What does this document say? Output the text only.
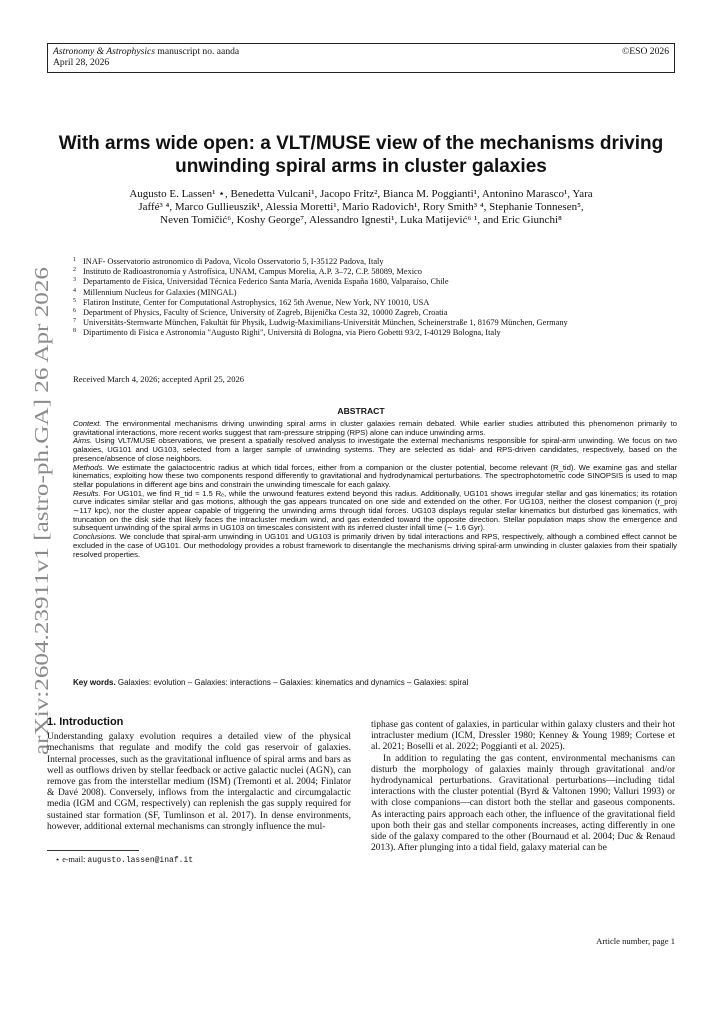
arXiv:2604.23911v1 [astro-ph.GA] 26 Apr 2026
Astronomy & Astrophysics manuscript no. aanda
April 28, 2026
©ESO 2026
With arms wide open: a VLT/MUSE view of the mechanisms driving unwinding spiral arms in cluster galaxies
Augusto E. Lassen¹ ⋆, Benedetta Vulcani¹, Jacopo Fritz², Bianca M. Poggianti¹, Antonino Marasco¹, Yara
Jaffé³ ⁴, Marco Gullieuszik¹, Alessia Moretti¹, Mario Radovich¹, Rory Smith³ ⁴, Stephanie Tonnesen⁵,
Neven Tomičić⁶, Koshy George⁷, Alessandro Ignesti¹, Luka Matijević⁶ ¹, and Eric Giunchi⁸
1 INAF- Osservatorio astronomico di Padova, Vicolo Osservatorio 5, I-35122 Padova, Italy
2 Instituto de Radioastronomía y Astrofísica, UNAM, Campus Morelia, A.P. 3–72, C.P. 58089, Mexico
3 Departamento de Física, Universidad Técnica Federico Santa María, Avenida España 1680, Valparaíso, Chile
4 Millennium Nucleus for Galaxies (MINGAL)
5 Flatiron Institute, Center for Computational Astrophysics, 162 5th Avenue, New York, NY 10010, USA
6 Department of Physics, Faculty of Science, University of Zagreb, Bijenička Cesta 32, 10000 Zagreb, Croatia
7 Universitäts-Sternwarte München, Fakultät für Physik, Ludwig-Maximilians-Universität München, Scheinerstraße 1, 81679 München, Germany
8 Dipartimento di Fisica e Astronomia "Augusto Righi", Università di Bologna, via Piero Gobetti 93/2, I-40129 Bologna, Italy
Received March 4, 2026; accepted April 25, 2026
ABSTRACT

Context. The environmental mechanisms driving unwinding spiral arms in cluster galaxies remain debated. While earlier studies attributed this phenomenon primarily to gravitational interactions, more recent works suggest that ram-pressure stripping (RPS) alone can induce unwinding arms.

Aims. Using VLT/MUSE observations, we present a spatially resolved analysis to investigate the external mechanisms responsible for spiral-arm unwinding. We focus on two galaxies, UG101 and UG103, selected from a larger sample of unwinding systems. They are selected as tidal- and RPS-driven candidates, respectively, based on the presence/absence of close neighbors.

Methods. We estimate the galactocentric radius at which tidal forces, either from a companion or the cluster potential, become relevant (R_tid). We examine gas and stellar kinematics, exploiting how these two components respond differently to gravitational and hydrodynamical perturbations. The spectrophotometric code SINOPSIS is used to map stellar populations in different age bins and constrain the unwinding timescale for each galaxy.

Results. For UG101, we find R_tid ≈ 1.5 Rₑ, while the unwound features extend beyond this radius. Additionally, UG101 shows irregular stellar and gas kinematics; its rotation curve indicates similar stellar and gas motions, although the gas appears truncated on one side and extended on the other. For UG103, neither the closest companion (r_proj ∼117 kpc), nor the cluster appear capable of triggering the unwinding arms through tidal forces. UG103 displays regular stellar kinematics but disturbed gas kinematics, with truncation on the disk side that likely faces the intracluster medium wind, and gas extended toward the opposite direction. Stellar population maps show the emergence and subsequent unwinding of the spiral arms in UG103 on timescales consistent with its inferred cluster infall time (∼ 1.6 Gyr).

Conclusions. We conclude that spiral-arm unwinding in UG101 and UG103 is primarily driven by tidal interactions and RPS, respectively, although a combined effect cannot be excluded in the case of UG101. Our methodology provides a robust framework to disentangle the mechanisms driving spiral-arm unwinding in cluster galaxies from their spatially resolved properties.

Key words. Galaxies: evolution – Galaxies: interactions – Galaxies: kinematics and dynamics – Galaxies: spiral
1. Introduction

Understanding galaxy evolution requires a detailed view of the physical mechanisms that regulate and modify the cold gas reservoir of galaxies. Internal processes, such as the gravitational influence of spiral arms and bars as well as outflows driven by stellar feedback or active galactic nuclei (AGN), can remove gas from the interstellar medium (ISM) (Tremonti et al. 2004; Finlator & Davé 2008). Conversely, inflows from the intergalactic and circumgalactic media (IGM and CGM, respectively) can replenish the gas supply required for sustained star formation (SF, Tumlinson et al. 2017). In dense environments, however, additional external mechanisms can strongly influence the mul-

tiphase gas content of galaxies, in particular within galaxy clusters and their hot intracluster medium (ICM, Dressler 1980; Kenney & Young 1989; Cortese et al. 2021; Boselli et al. 2022; Poggianti et al. 2025).

In addition to regulating the gas content, environmental mechanisms can disturb the morphology of galaxies mainly through gravitational and/or hydrodynamical perturbations. Gravitational perturbations—including tidal interactions with the cluster potential (Byrd & Valtonen 1990; Valluri 1993) or with close companions—can distort both the stellar and gaseous components. As interacting pairs approach each other, the influence of the gravitational field upon both their gas and stellar components increases, acting differently in one side of the galaxy compared to the other (Bournaud et al. 2004; Duc & Renaud 2013). After plunging into a tidal field, galaxy material can be

⋆ e-mail: augusto.lassen@inaf.it
Article number, page 1
